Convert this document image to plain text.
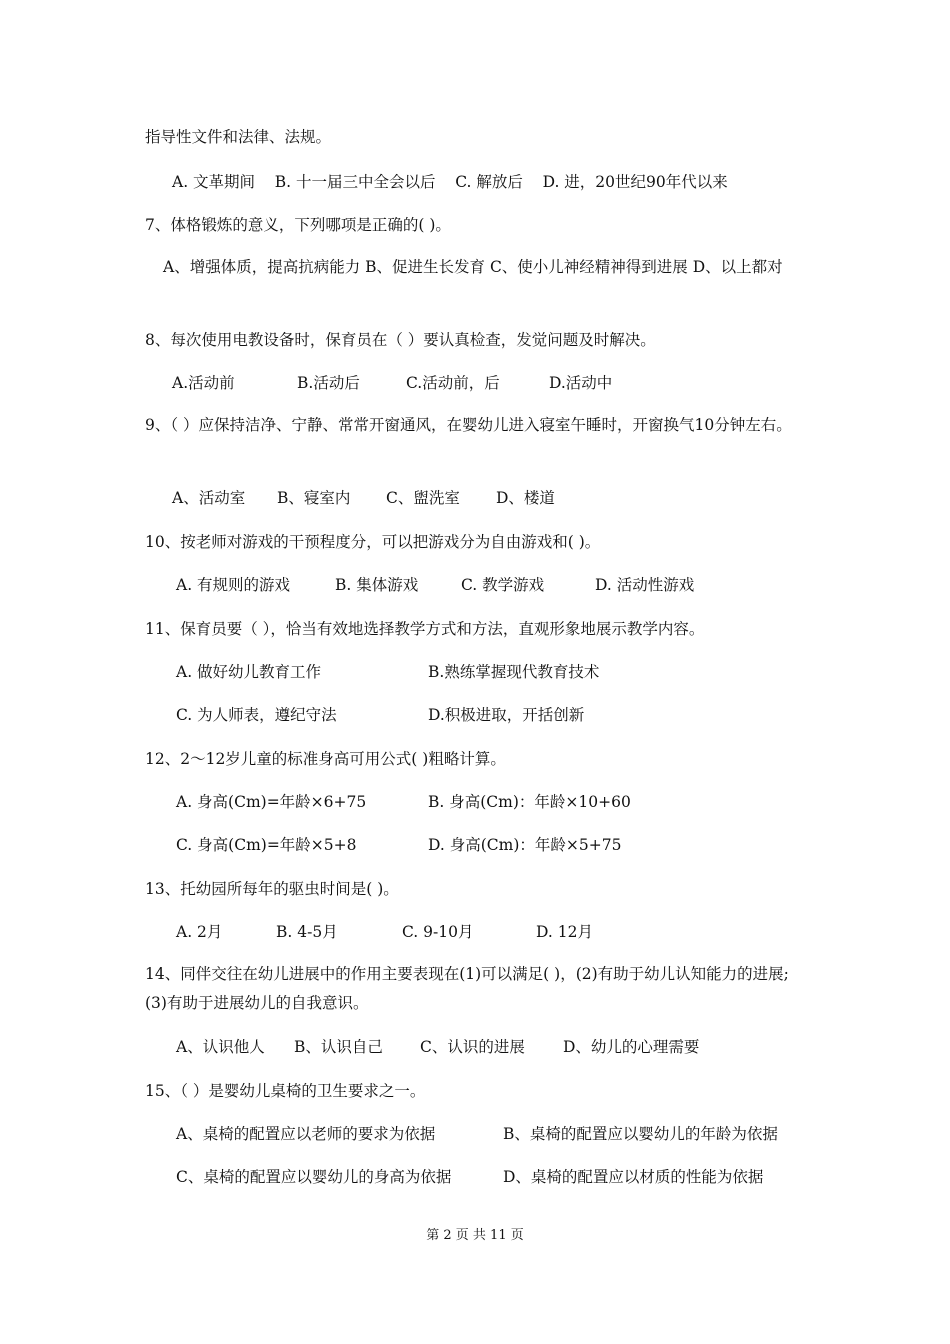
指导性文件和法律、法规。
A. 文革期间    B. 十一届三中全会以后    C. 解放后    D. 进，20世纪90年代以来
7、体格锻炼的意义，下列哪项是正确的( )。
A、增强体质，提高抗病能力 B、促进生长发育 C、使小儿神经精神得到进展 D、以上都对
8、每次使用电教设备时，保育员在（ ）要认真检查，发觉问题及时解决。
A.活动前	B.活动后	C.活动前，后	D.活动中
9、（ ）应保持洁净、宁静、常常开窗通风，在婴幼儿进入寝室午睡时，开窗换气10分钟左右。
A、活动室 B、寝室内 C、盥洗室 D、楼道
10、按老师对游戏的干预程度分，可以把游戏分为自由游戏和( )。
A. 有规则的游戏	B. 集体游戏	C. 教学游戏	D. 活动性游戏
11、保育员要（ ），恰当有效地选择教学方式和方法，直观形象地展示教学内容。
A. 做好幼儿教育工作	B.熟练掌握现代教育技术
C. 为人师表，遵纪守法	D.积极进取，开括创新
12、2～12岁儿童的标准身高可用公式( )粗略计算。
A. 身高(Cm)=年龄×6+75	B. 身高(Cm)：年龄×10+60
C. 身高(Cm)=年龄×5+8	D. 身高(Cm)：年龄×5+75
13、托幼园所每年的驱虫时间是( )。
A. 2月	B. 4-5月	C. 9-10月	D. 12月
14、同伴交往在幼儿进展中的作用主要表现在(1)可以满足( )，(2)有助于幼儿认知能力的进展;(3)有助于进展幼儿的自我意识。
A、认识他人 B、认识自己 C、认识的进展 D、幼儿的心理需要
15、（ ）是婴幼儿桌椅的卫生要求之一。
A、桌椅的配置应以老师的要求为依据	B、桌椅的配置应以婴幼儿的年龄为依据
C、桌椅的配置应以婴幼儿的身高为依据	D、桌椅的配置应以材质的性能为依据
第 2 页 共 11 页
